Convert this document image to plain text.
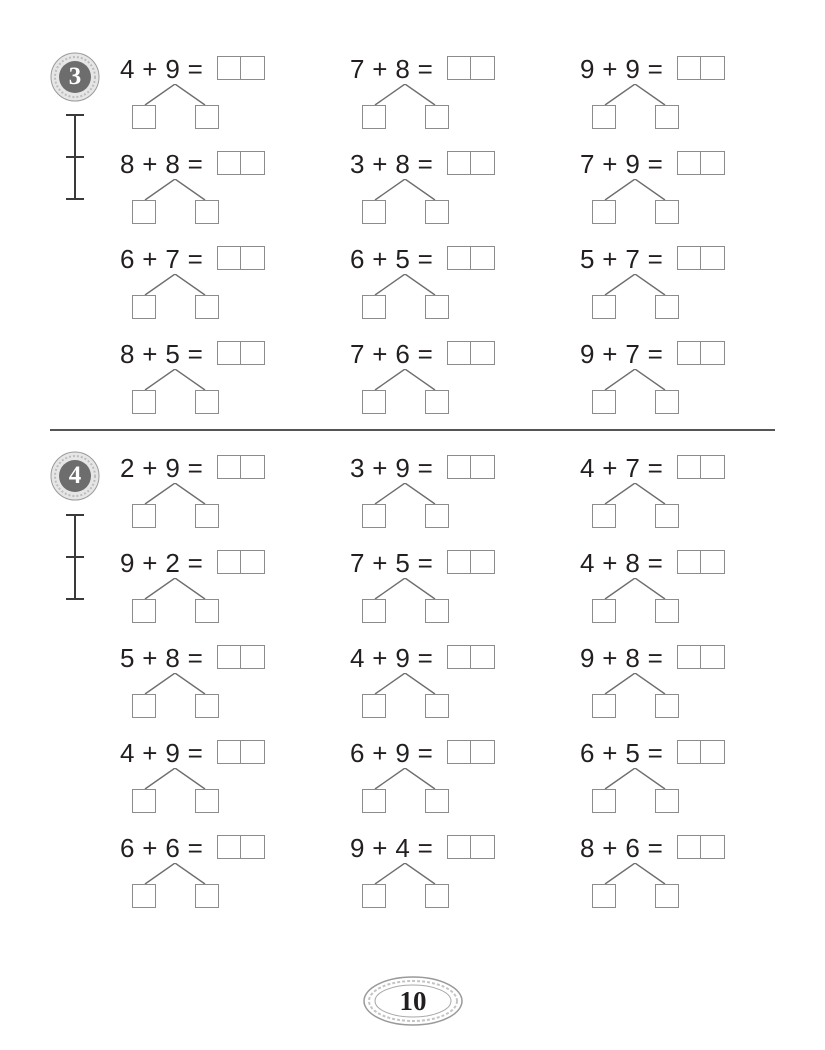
3	4 + 9 =	7 + 8 =	9 + 9 =
8 + 8 =	3 + 8 =	7 + 9 =
6 + 7 =	6 + 5 =	5 + 7 =
8 + 5 =	7 + 6 =	9 + 7 =
4	2 + 9 =	3 + 9 =	4 + 7 =
9 + 2 =	7 + 5 =	4 + 8 =
5 + 8 =	4 + 9 =	9 + 8 =
4 + 9 =	6 + 9 =	6 + 5 =
6 + 6 =	9 + 4 =	8 + 6 =
10
